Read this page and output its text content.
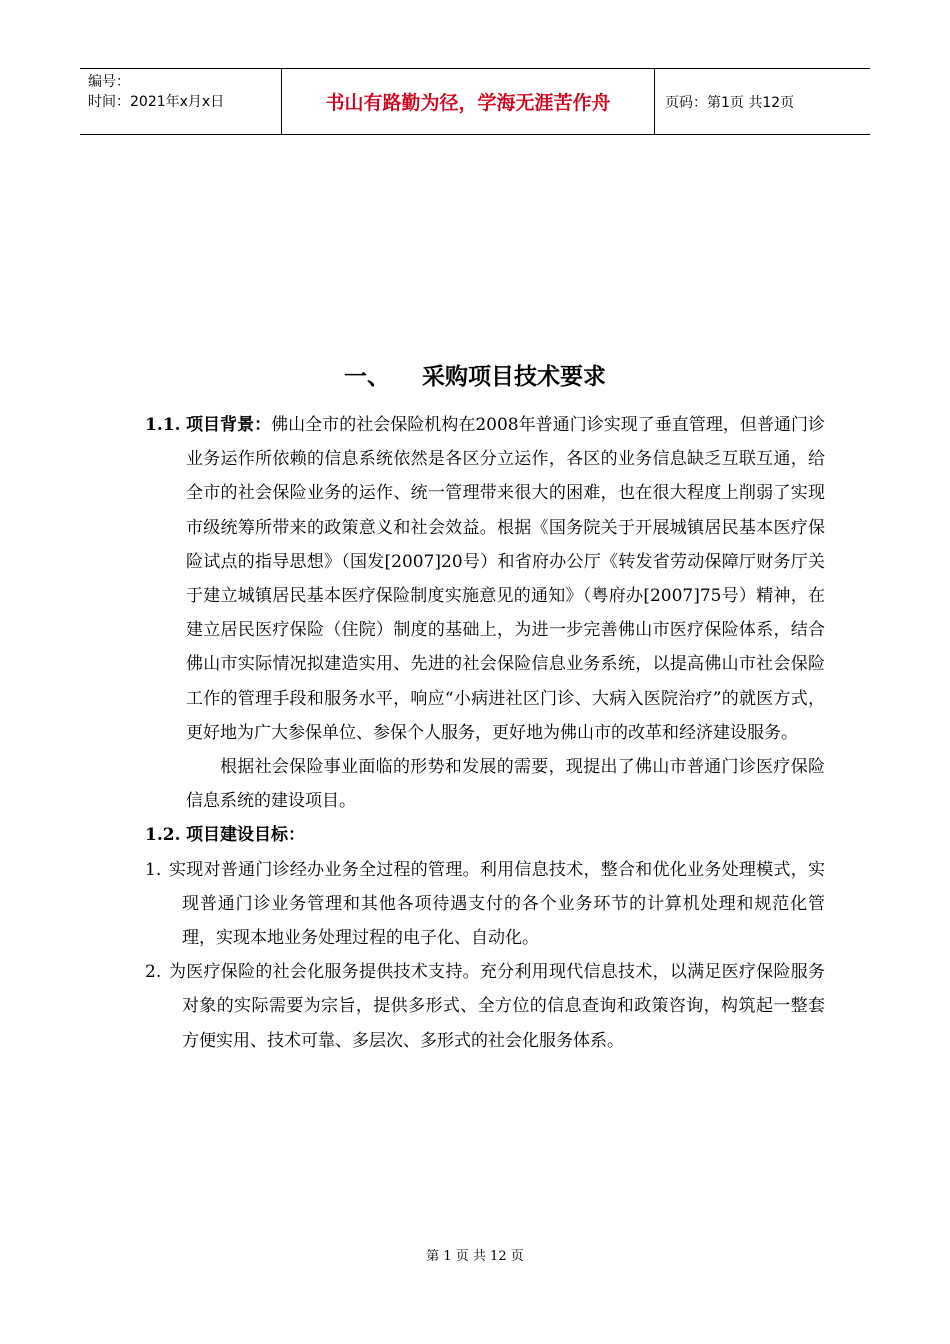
编号：
时间：2021年x月x日	书山有路勤为径，学海无涯苦作舟	页码：第1页 共12页
一、 采购项目技术要求
1.1. 项目背景：佛山全市的社会保险机构在2008年普通门诊实现了垂直管理，但普通门诊业务运作所依赖的信息系统依然是各区分立运作，各区的业务信息缺乏互联互通，给全市的社会保险业务的运作、统一管理带来很大的困难，也在很大程度上削弱了实现市级统筹所带来的政策意义和社会效益。根据《国务院关于开展城镇居民基本医疗保险试点的指导思想》（国发[2007]20号）和省府办公厅《转发省劳动保障厅财务厅关于建立城镇居民基本医疗保险制度实施意见的通知》（粤府办[2007]75号）精神，在建立居民医疗保险（住院）制度的基础上，为进一步完善佛山市医疗保险体系，结合佛山市实际情况拟建造实用、先进的社会保险信息业务系统，以提高佛山市社会保险工作的管理手段和服务水平，响应“小病进社区门诊、大病入医院治疗”的就医方式，更好地为广大参保单位、参保个人服务，更好地为佛山市的改革和经济建设服务。
根据社会保险事业面临的形势和发展的需要，现提出了佛山市普通门诊医疗保险信息系统的建设项目。
1.2. 项目建设目标：
1. 实现对普通门诊经办业务全过程的管理。利用信息技术，整合和优化业务处理模式，实现普通门诊业务管理和其他各项待遇支付的各个业务环节的计算机处理和规范化管理，实现本地业务处理过程的电子化、自动化。
2. 为医疗保险的社会化服务提供技术支持。充分利用现代信息技术，以满足医疗保险服务对象的实际需要为宗旨，提供多形式、全方位的信息查询和政策咨询，构筑起一整套方便实用、技术可靠、多层次、多形式的社会化服务体系。
第 1 页 共 12 页
